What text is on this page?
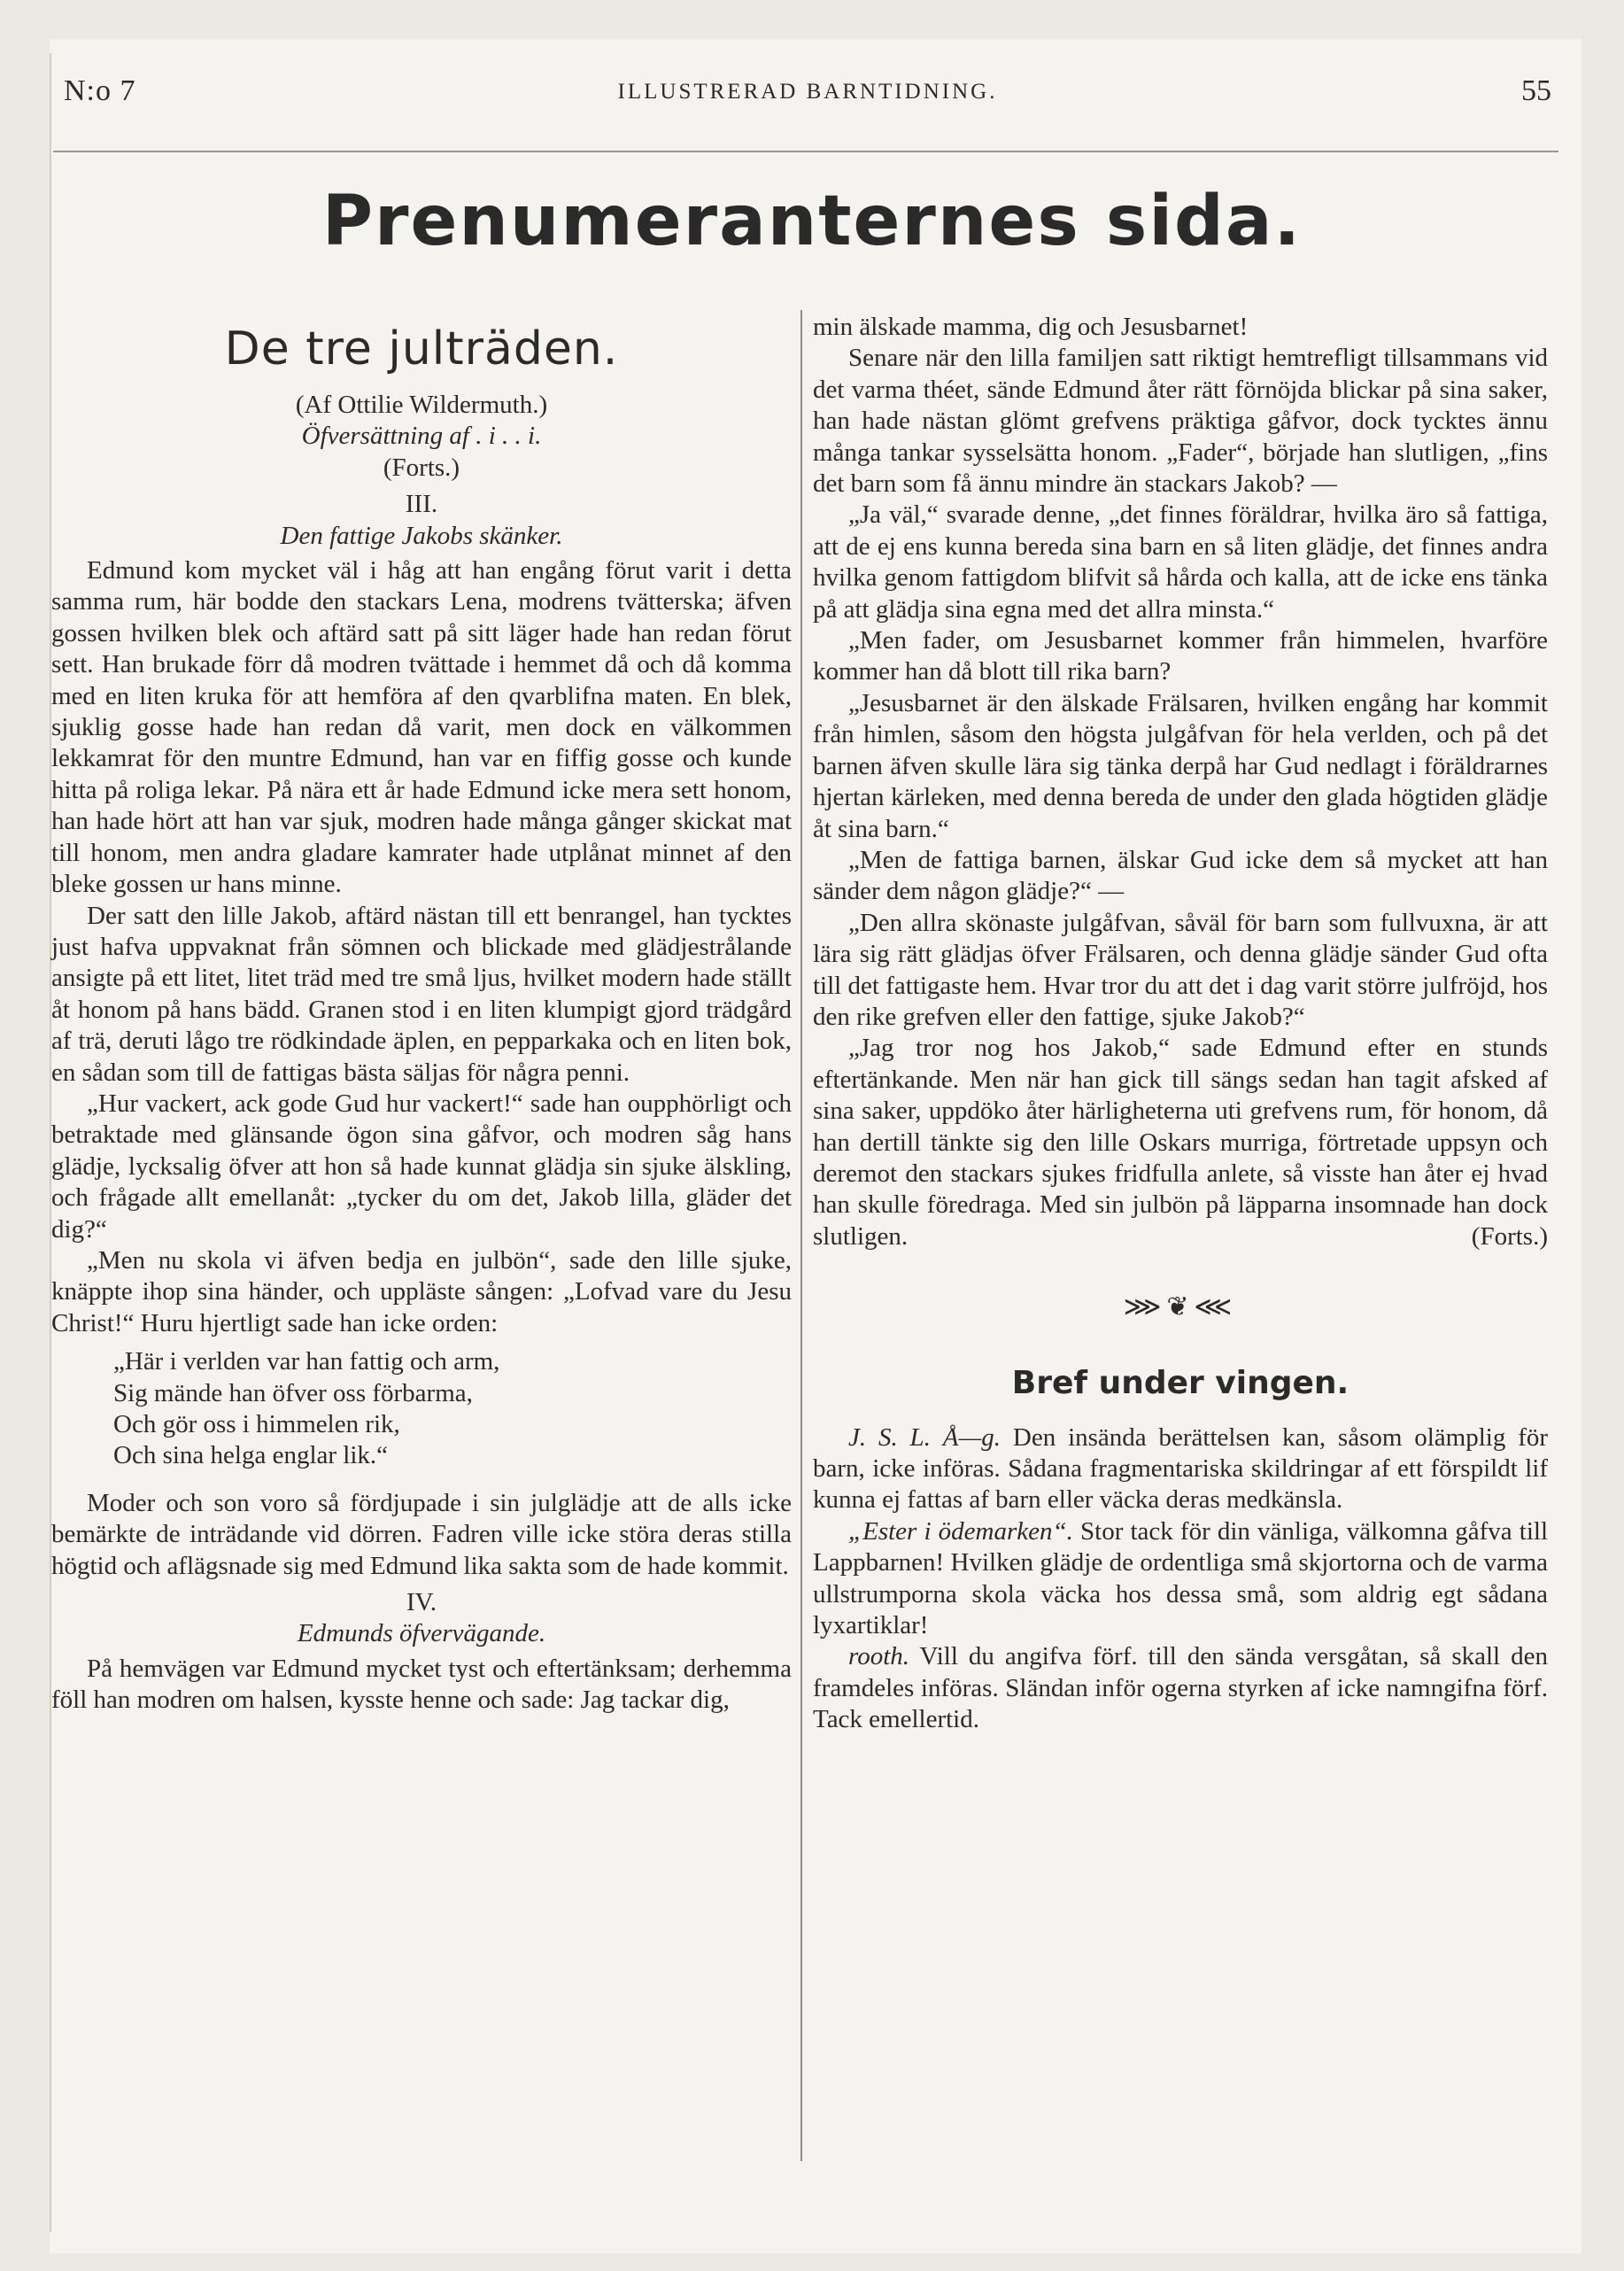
N:o 7	ILLUSTRERAD BARNTIDNING.	55
Prenumeranternes sida.
De tre julträden.

(Af Ottilie Wildermuth.)

Öfversättning af . i . . i.

(Forts.)

III.

Den fattige Jakobs skänker.

Edmund kom mycket väl i håg att han engång förut varit i detta samma rum, här bodde den stackars Lena, modrens tvätterska; äfven gossen hvilken blek och aftärd satt på sitt läger hade han redan förut sett. Han brukade förr då modren tvättade i hemmet då och då komma med en liten kruka för att hemföra af den qvarblifna maten. En blek, sjuklig gosse hade han redan då varit, men dock en välkommen lekkamrat för den muntre Edmund, han var en fiffig gosse och kunde hitta på roliga lekar. På nära ett år hade Edmund icke mera sett honom, han hade hört att han var sjuk, modren hade många gånger skickat mat till honom, men andra gladare kamrater hade utplånat minnet af den bleke gossen ur hans minne.

Der satt den lille Jakob, aftärd nästan till ett benrangel, han tycktes just hafva uppvaknat från sömnen och blickade med glädjestrålande ansigte på ett litet, litet träd med tre små ljus, hvilket modern hade ställt åt honom på hans bädd. Granen stod i en liten klumpigt gjord trädgård af trä, deruti lågo tre rödkindade äplen, en pepparkaka och en liten bok, en sådan som till de fattigas bästa säljas för några penni.

„Hur vackert, ack gode Gud hur vackert!“ sade han oupphörligt och betraktade med glänsande ögon sina gåfvor, och modren såg hans glädje, lycksalig öfver att hon så hade kunnat glädja sin sjuke älskling, och frågade allt emellanåt: „tycker du om det, Jakob lilla, gläder det dig?“

„Men nu skola vi äfven bedja en julbön“, sade den lille sjuke, knäppte ihop sina händer, och uppläste sången: „Lofvad vare du Jesu Christ!“ Huru hjertligt sade han icke orden:

„Här i verlden var han fattig och arm,
Sig mände han öfver oss förbarma,
Och gör oss i himmelen rik,
Och sina helga englar lik.“

Moder och son voro så fördjupade i sin julglädje att de alls icke bemärkte de inträdande vid dörren. Fadren ville icke störa deras stilla högtid och aflägsnade sig med Edmund lika sakta som de hade kommit.

IV.

Edmunds öfvervägande.

På hemvägen var Edmund mycket tyst och eftertänksam; derhemma föll han modren om halsen, kysste henne och sade: Jag tackar dig,

min älskade mamma, dig och Jesusbarnet!

Senare när den lilla familjen satt riktigt hemtrefligt tillsammans vid det varma théet, sände Edmund åter rätt förnöjda blickar på sina saker, han hade nästan glömt grefvens präktiga gåfvor, dock tycktes ännu många tankar sysselsätta honom. „Fader“, började han slutligen, „fins det barn som få ännu mindre än stackars Jakob? —

„Ja väl,“ svarade denne, „det finnes föräldrar, hvilka äro så fattiga, att de ej ens kunna bereda sina barn en så liten glädje, det finnes andra hvilka genom fattigdom blifvit så hårda och kalla, att de icke ens tänka på att glädja sina egna med det allra minsta.“

„Men fader, om Jesusbarnet kommer från himmelen, hvarföre kommer han då blott till rika barn?

„Jesusbarnet är den älskade Frälsaren, hvilken engång har kommit från himlen, såsom den högsta julgåfvan för hela verlden, och på det barnen äfven skulle lära sig tänka derpå har Gud nedlagt i föräldrarnes hjertan kärleken, med denna bereda de under den glada högtiden glädje åt sina barn.“

„Men de fattiga barnen, älskar Gud icke dem så mycket att han sänder dem någon glädje?“ —

„Den allra skönaste julgåfvan, såväl för barn som fullvuxna, är att lära sig rätt glädjas öfver Frälsaren, och denna glädje sänder Gud ofta till det fattigaste hem. Hvar tror du att det i dag varit större julfröjd, hos den rike grefven eller den fattige, sjuke Jakob?“

„Jag tror nog hos Jakob,“ sade Edmund efter en stunds eftertänkande. Men när han gick till sängs sedan han tagit afsked af sina saker, uppdöko åter härligheterna uti grefvens rum, för honom, då han dertill tänkte sig den lille Oskars murriga, förtretade uppsyn och deremot den stackars sjukes fridfulla anlete, så visste han åter ej hvad han skulle föredraga. Med sin julbön på läpparna insomnade han dock slutligen.	(Forts.)

⋙❦⋘
Bref under vingen.

J. S. L. Å—g. Den insända berättelsen kan, såsom olämplig för barn, icke införas. Sådana fragmentariska skildringar af ett förspildt lif kunna ej fattas af barn eller väcka deras medkänsla.

„Ester i ödemarken“. Stor tack för din vänliga, välkomna gåfva till Lappbarnen! Hvilken glädje de ordentliga små skjortorna och de varma ullstrumporna skola väcka hos dessa små, som aldrig egt sådana lyxartiklar!

rooth. Vill du angifva förf. till den sända versgåtan, så skall den framdeles införas. Sländan inför ogerna styrken af icke namngifna förf. Tack emellertid.
